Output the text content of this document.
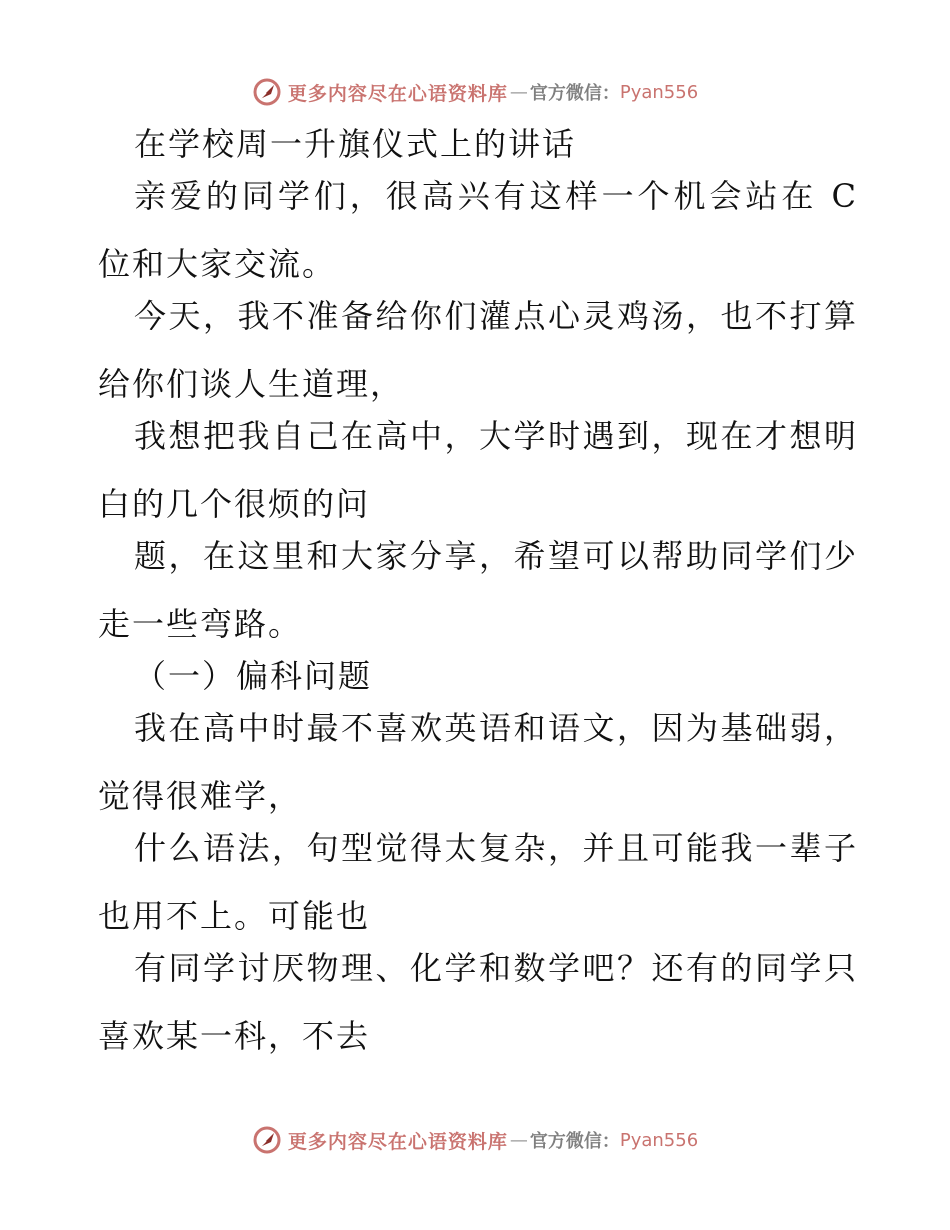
更多内容尽在心语资料库 — 官方微信： Pyan556
在学校周一升旗仪式上的讲话
亲爱的同学们，很高兴有这样一个机会站在 C
位和大家交流。
今天，我不准备给你们灌点心灵鸡汤，也不打算
给你们谈人生道理，
我想把我自己在高中，大学时遇到，现在才想明
白的几个很烦的问
题，在这里和大家分享，希望可以帮助同学们少
走一些弯路。
（一）偏科问题
我在高中时最不喜欢英语和语文，因为基础弱，
觉得很难学，
什么语法，句型觉得太复杂，并且可能我一辈子
也用不上。可能也
有同学讨厌物理、化学和数学吧？还有的同学只
喜欢某一科，不去
更多内容尽在心语资料库 — 官方微信： Pyan556
